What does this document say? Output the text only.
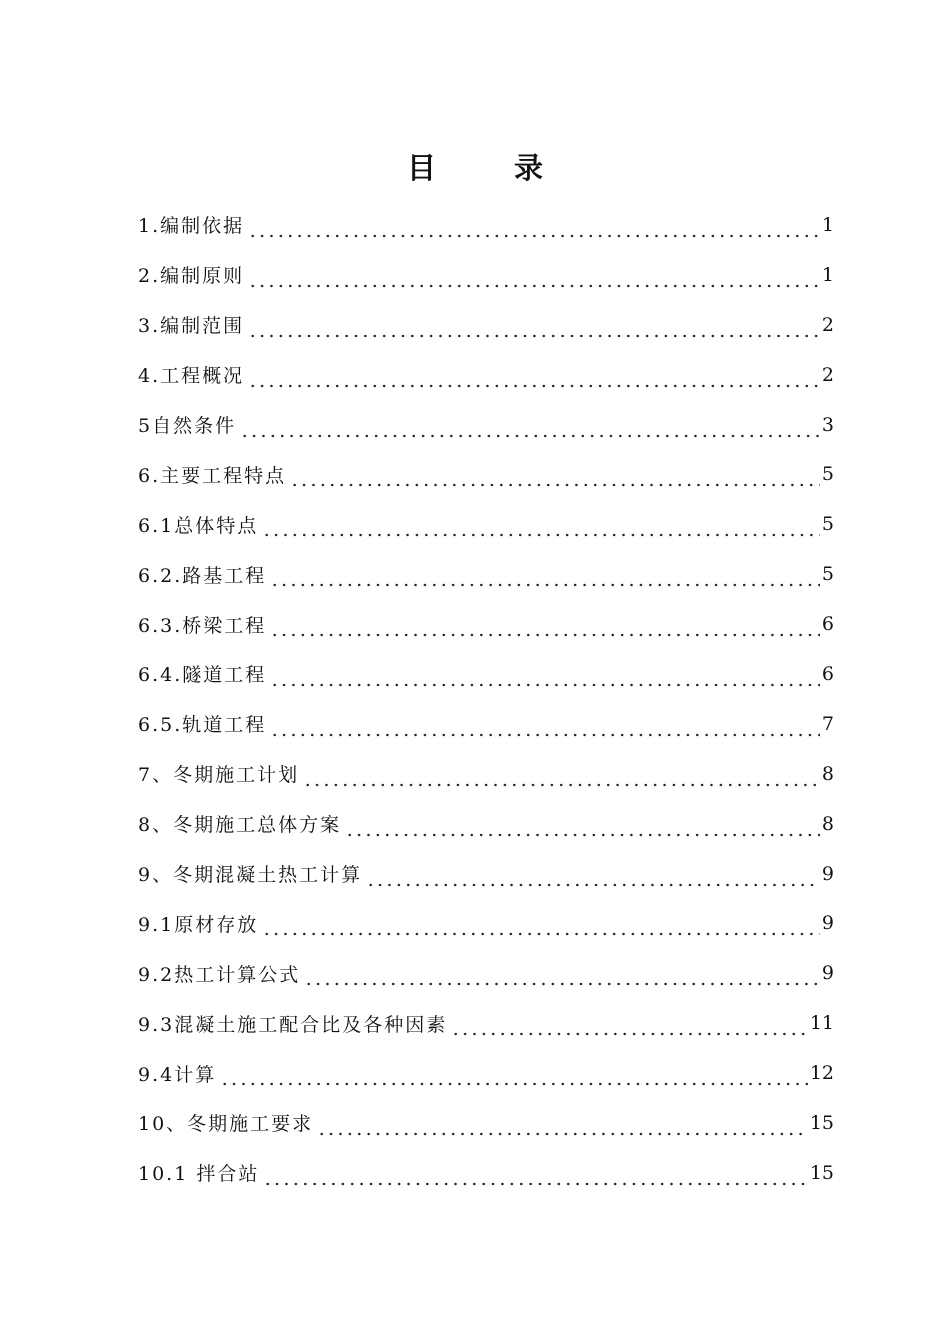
目 录
1.编制依据	1
2.编制原则	1
3.编制范围	2
4.工程概况	2
5自然条件	3
6.主要工程特点	5
6.1总体特点	5
6.2.路基工程	5
6.3.桥梁工程	6
6.4.隧道工程	6
6.5.轨道工程	7
7、冬期施工计划	8
8、冬期施工总体方案	8
9、冬期混凝土热工计算	9
9.1原材存放	9
9.2热工计算公式	9
9.3混凝土施工配合比及各种因素	11
9.4计算	12
10、冬期施工要求	15
10.1 拌合站	15
